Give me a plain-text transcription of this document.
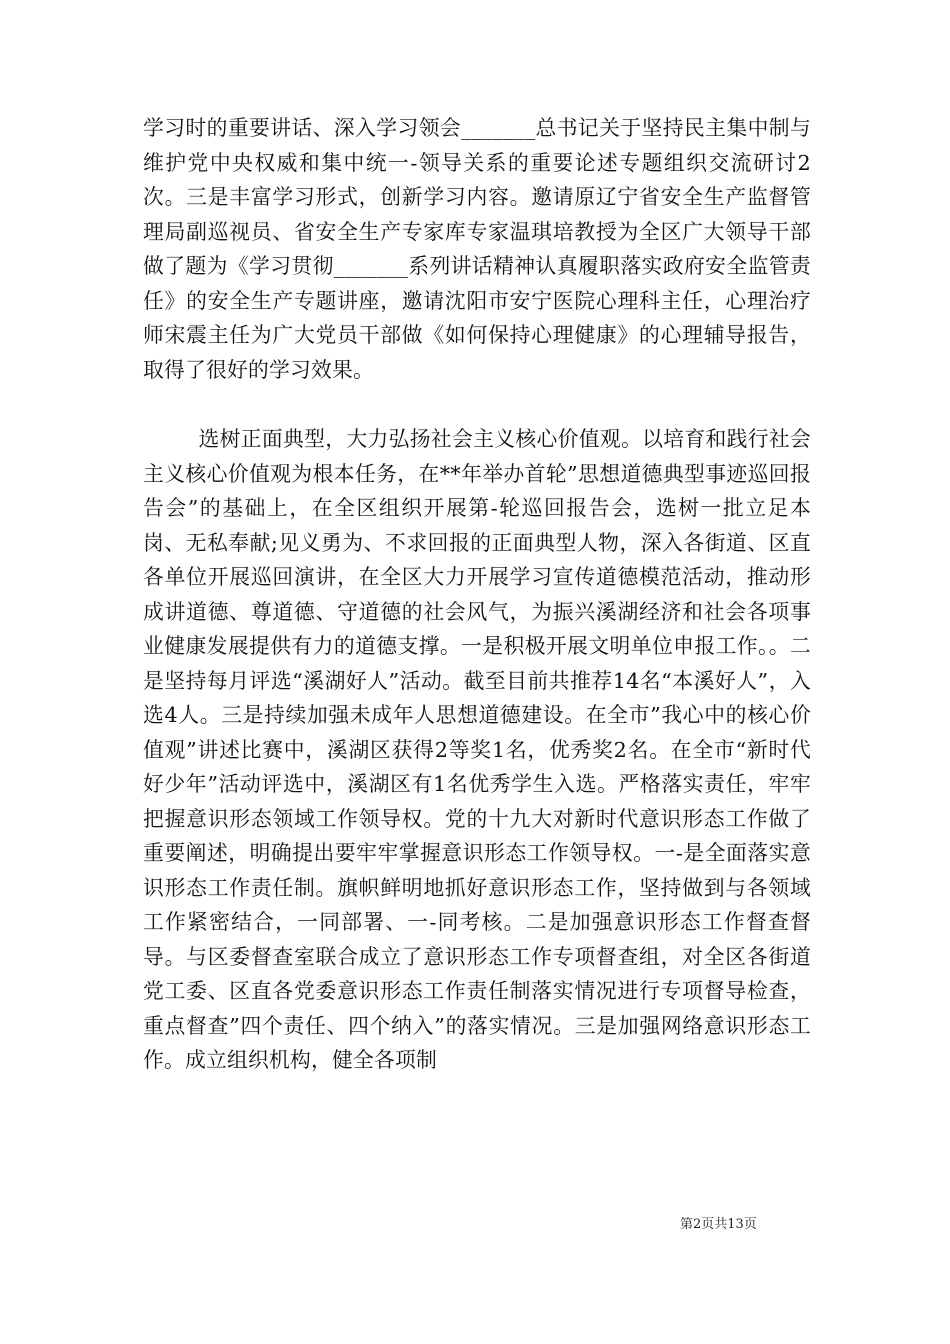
学习时的重要讲话、深入学习领会_______总书记关于坚持民主集中制与维护党中央权威和集中统一-领导关系的重要论述专题组织交流研讨2次。三是丰富学习形式，创新学习内容。邀请原辽宁省安全生产监督管理局副巡视员、省安全生产专家库专家温琪培教授为全区广大领导干部做了题为《学习贯彻_______系列讲话精神认真履职落实政府安全监管责任》的安全生产专题讲座，邀请沈阳市安宁医院心理科主任，心理治疗师宋震主任为广大党员干部做《如何保持心理健康》的心理辅导报告，取得了很好的学习效果。

选树正面典型，大力弘扬社会主义核心价值观。以培育和践行社会主义核心价值观为根本任务，在**年举办首轮”思想道德典型事迹巡回报告会”的基础上，在全区组织开展第-轮巡回报告会，选树一批立足本岗、无私奉献;见义勇为、不求回报的正面典型人物，深入各街道、区直各单位开展巡回演讲，在全区大力开展学习宣传道德模范活动，推动形成讲道德、尊道德、守道德的社会风气，为振兴溪湖经济和社会各项事业健康发展提供有力的道德支撑。一是积极开展文明单位申报工作。。二是坚持每月评选“溪湖好人”活动。截至目前共推荐14名“本溪好人”，入选4人。三是持续加强未成年人思想道德建设。在全市”我心中的核心价值观”讲述比赛中，溪湖区获得2等奖1名，优秀奖2名。在全市“新时代好少年”活动评选中，溪湖区有1名优秀学生入选。严格落实责任，牢牢把握意识形态领域工作领导权。党的十九大对新时代意识形态工作做了重要阐述，明确提出要牢牢掌握意识形态工作领导权。一-是全面落实意识形态工作责任制。旗帜鲜明地抓好意识形态工作，坚持做到与各领域工作紧密结合，一同部署、一-同考核。二是加强意识形态工作督查督导。与区委督查室联合成立了意识形态工作专项督查组，对全区各街道党工委、区直各党委意识形态工作责任制落实情况进行专项督导检查，重点督查”四个责任、四个纳入”的落实情况。三是加强网络意识形态工作。成立组织机构，健全各项制

第2页共13页
